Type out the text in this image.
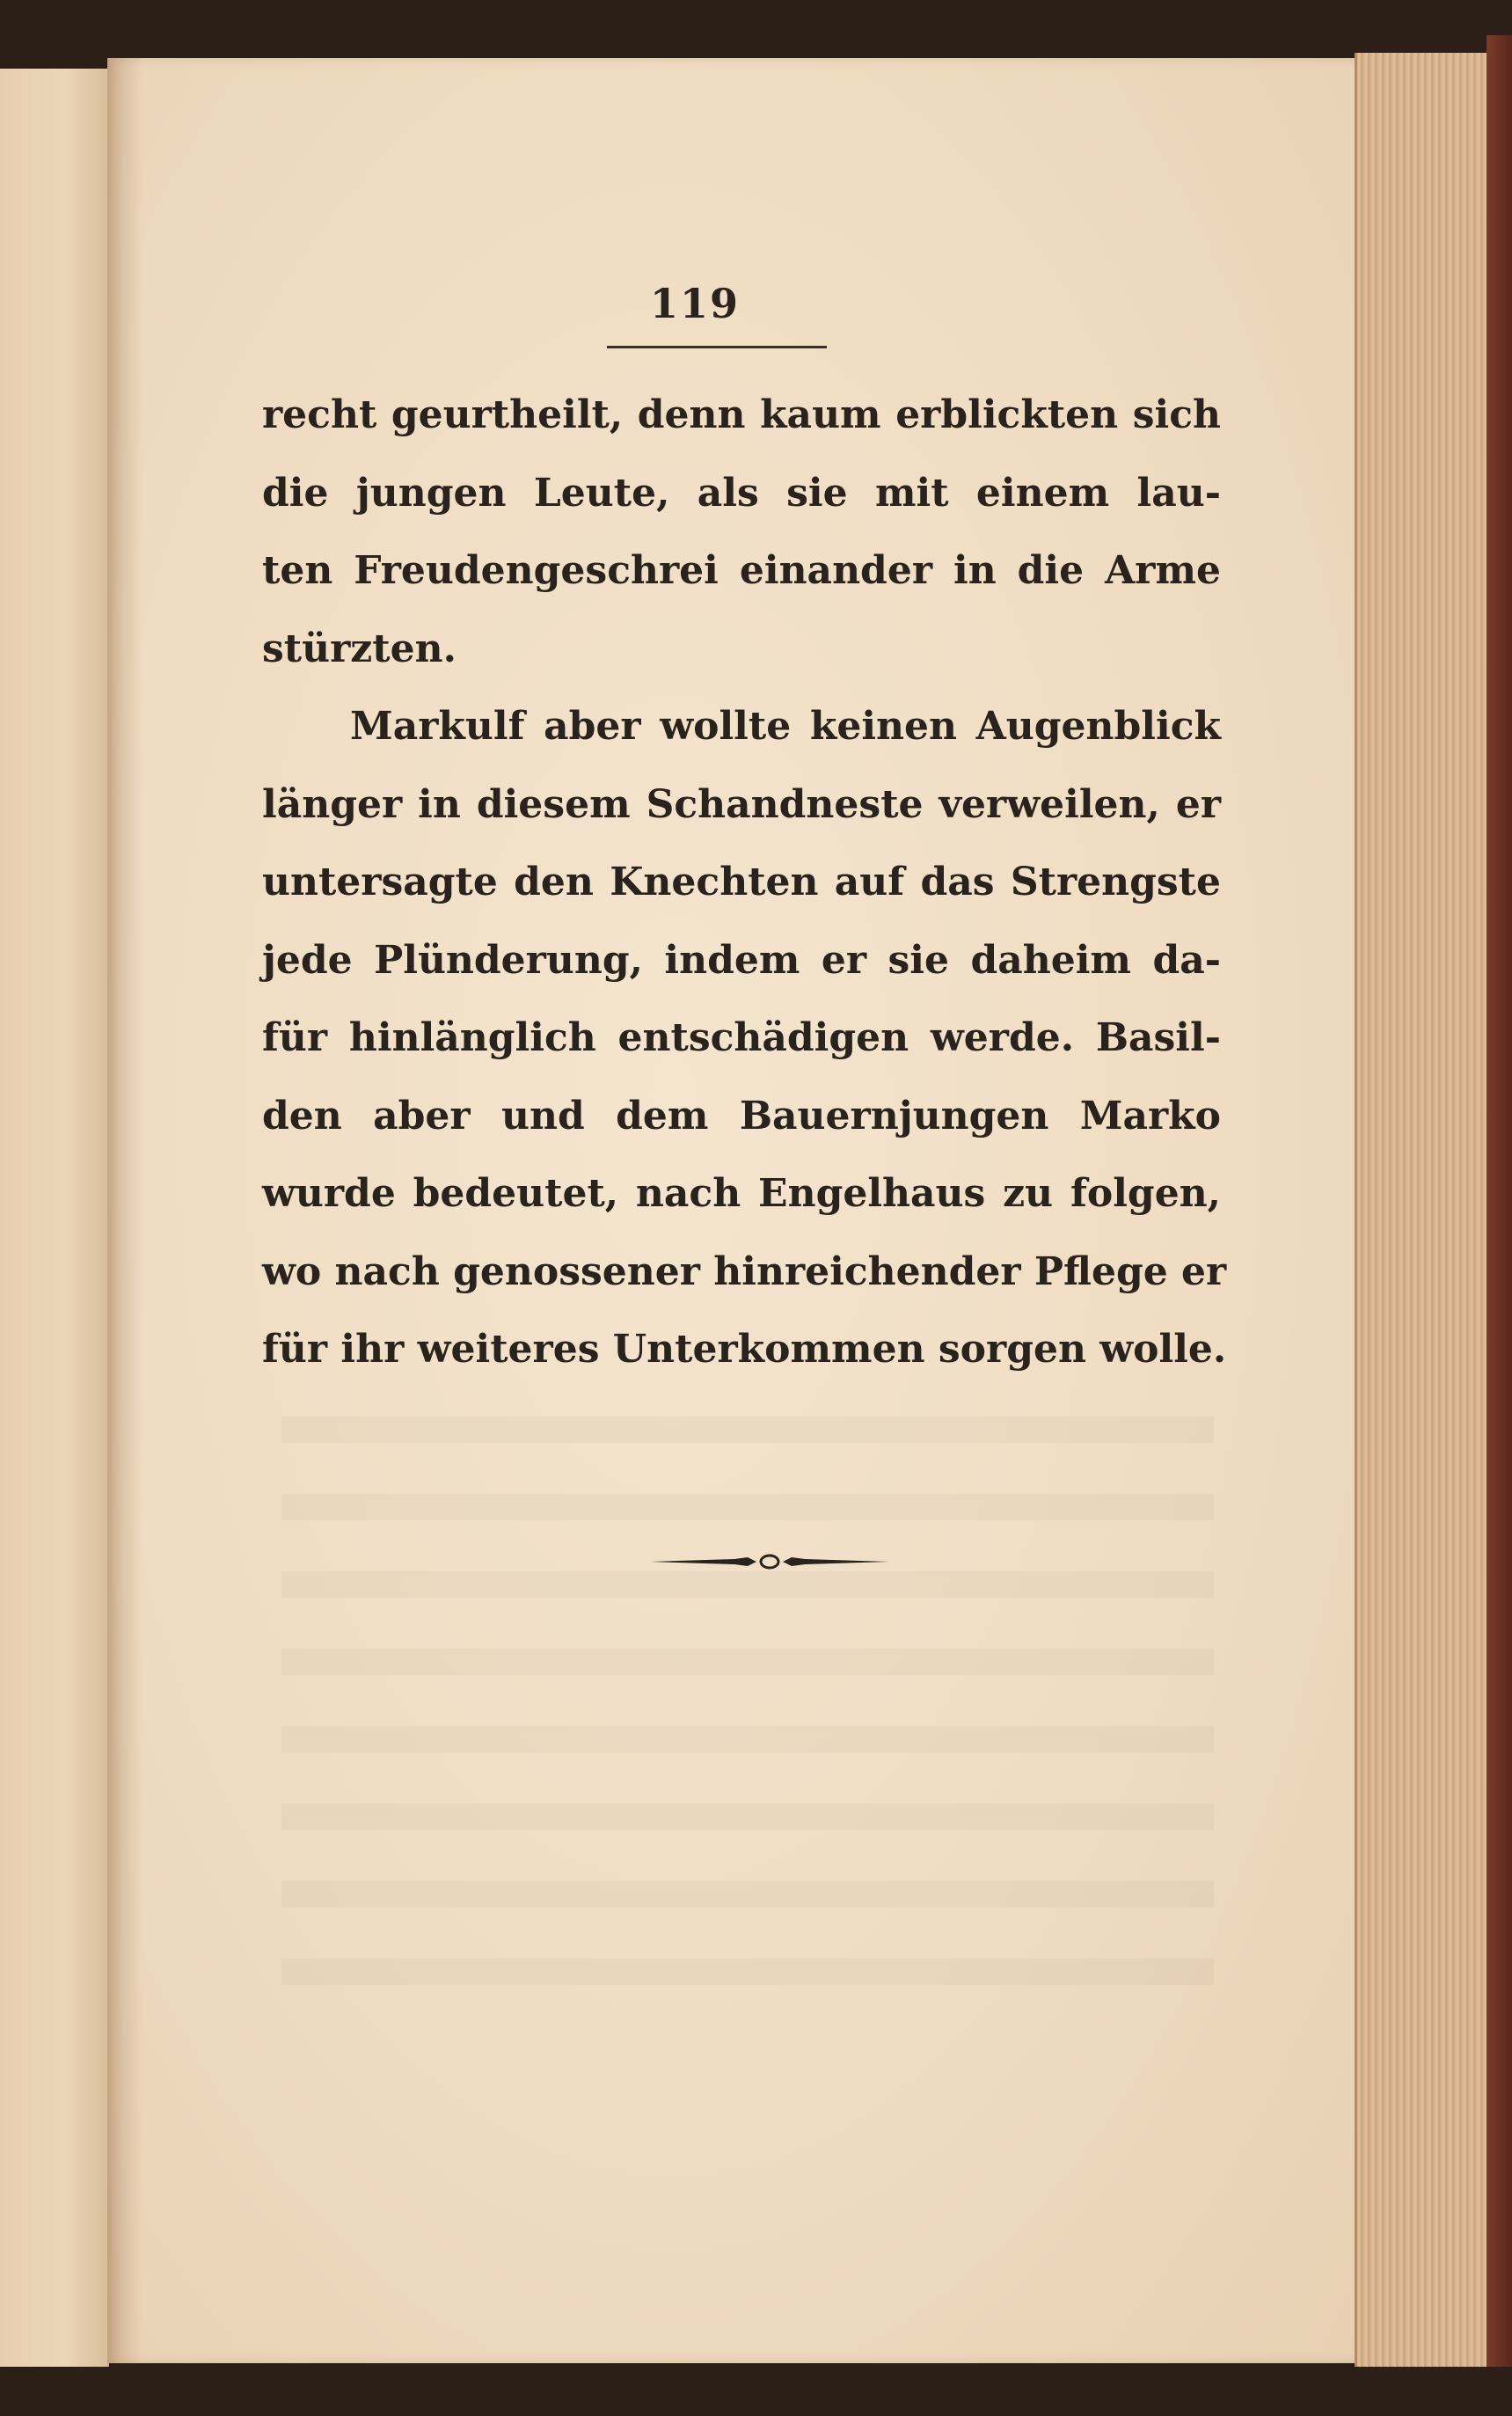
119
recht geurtheilt, denn kaum erblickten sich
die jungen Leute, als sie mit einem lau-
ten Freudengeschrei einander in die Arme
stürzten.
Markulf aber wollte keinen Augenblick
länger in diesem Schandneste verweilen, er
untersagte den Knechten auf das Strengste
jede Plünderung, indem er sie daheim da-
für hinlänglich entschädigen werde. Basil-
den aber und dem Bauernjungen Marko
wurde bedeutet, nach Engelhaus zu folgen,
wo nach genossener hinreichender Pflege er
für ihr weiteres Unterkommen sorgen wolle.
